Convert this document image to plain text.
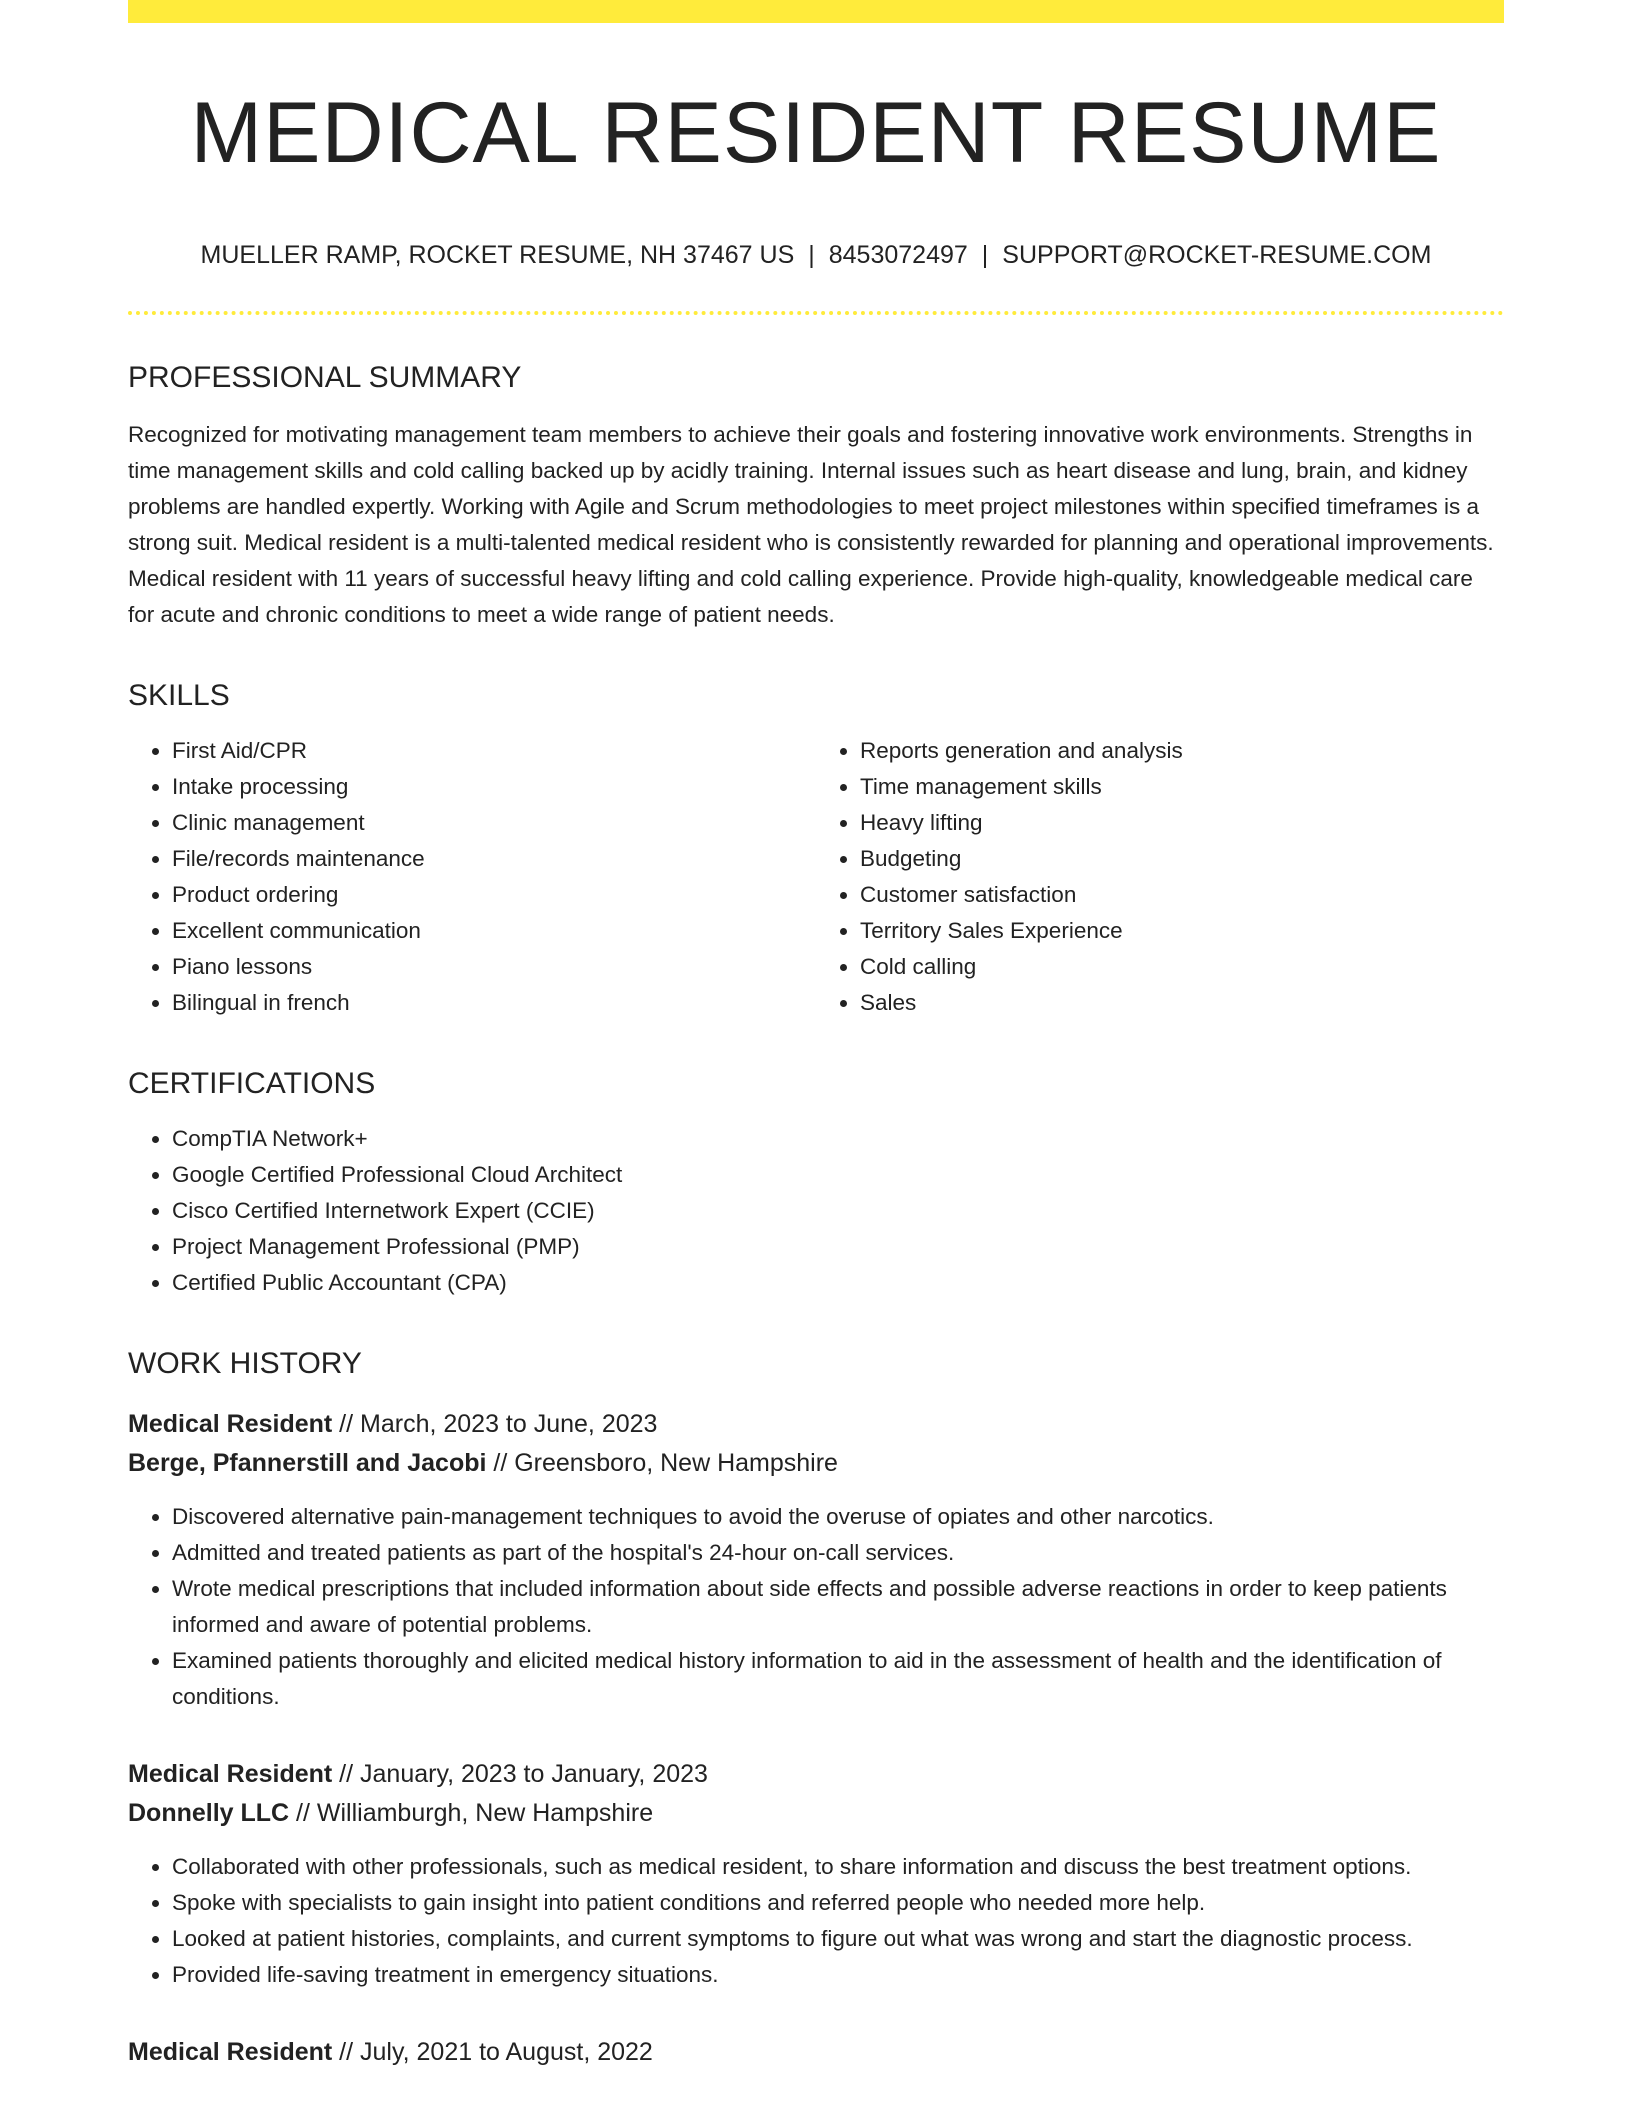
MEDICAL RESIDENT RESUME
MUELLER RAMP, ROCKET RESUME, NH 37467 US | 8453072497 | SUPPORT@ROCKET-RESUME.COM
PROFESSIONAL SUMMARY

Recognized for motivating management team members to achieve their goals and fostering innovative work environments. Strengths in time management skills and cold calling backed up by acidly training. Internal issues such as heart disease and lung, brain, and kidney problems are handled expertly. Working with Agile and Scrum methodologies to meet project milestones within specified timeframes is a strong suit. Medical resident is a multi-talented medical resident who is consistently rewarded for planning and operational improvements. Medical resident with 11 years of successful heavy lifting and cold calling experience. Provide high-quality, knowledgeable medical care for acute and chronic conditions to meet a wide range of patient needs.

SKILLS
• First Aid/CPR
• Intake processing
• Clinic management
• File/records maintenance
• Product ordering
• Excellent communication
• Piano lessons
• Bilingual in french
• Reports generation and analysis
• Time management skills
• Heavy lifting
• Budgeting
• Customer satisfaction
• Territory Sales Experience
• Cold calling
• Sales
CERTIFICATIONS
• CompTIA Network+
• Google Certified Professional Cloud Architect
• Cisco Certified Internetwork Expert (CCIE)
• Project Management Professional (PMP)
• Certified Public Accountant (CPA)
WORK HISTORY
Medical Resident // March, 2023 to June, 2023
Berge, Pfannerstill and Jacobi // Greensboro, New Hampshire
• Discovered alternative pain-management techniques to avoid the overuse of opiates and other narcotics.
• Admitted and treated patients as part of the hospital's 24-hour on-call services.
• Wrote medical prescriptions that included information about side effects and possible adverse reactions in order to keep patients informed and aware of potential problems.
• Examined patients thoroughly and elicited medical history information to aid in the assessment of health and the identification of conditions.
Medical Resident // January, 2023 to January, 2023
Donnelly LLC // Williamburgh, New Hampshire
• Collaborated with other professionals, such as medical resident, to share information and discuss the best treatment options.
• Spoke with specialists to gain insight into patient conditions and referred people who needed more help.
• Looked at patient histories, complaints, and current symptoms to figure out what was wrong and start the diagnostic process.
• Provided life-saving treatment in emergency situations.
Medical Resident // July, 2021 to August, 2022
